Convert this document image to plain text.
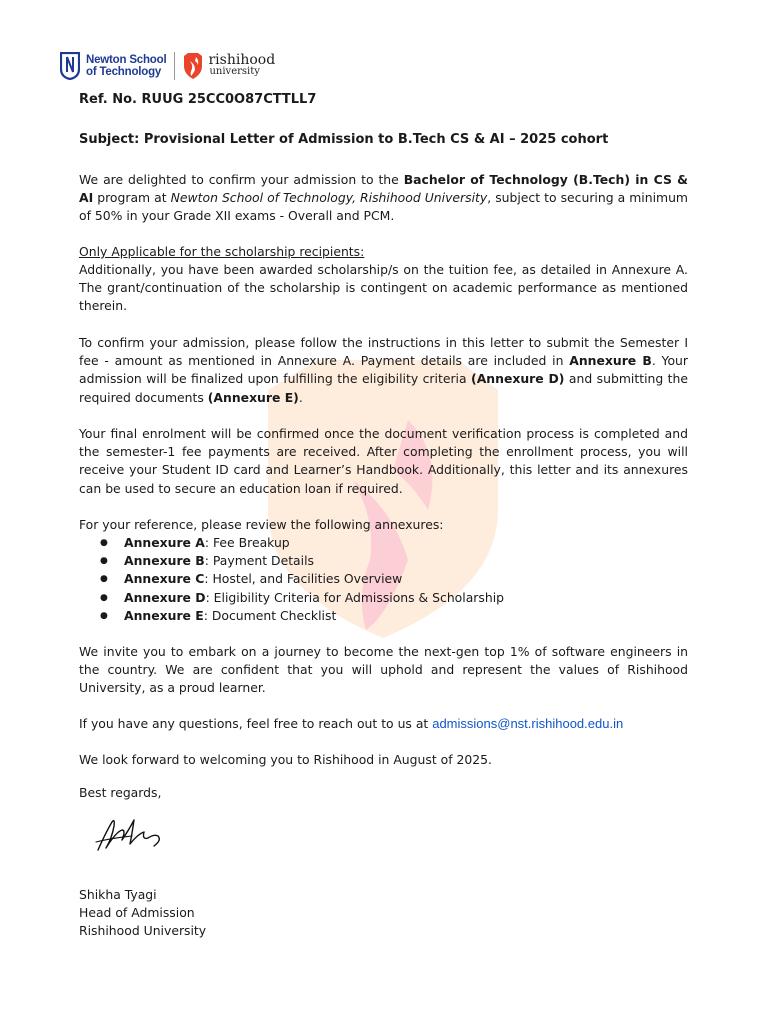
Newton School
of Technology
rishihood
university
Ref. No. RUUG 25CC0O87CTTLL7
Subject: Provisional Letter of Admission to B.Tech CS & AI – 2025 cohort
We are delighted to confirm your admission to the Bachelor of Technology (B.Tech) in CS & AI program at Newton School of Technology, Rishihood University, subject to securing a minimum of 50% in your Grade XII exams - Overall and PCM.
Only Applicable for the scholarship recipients:
Additionally, you have been awarded scholarship/s on the tuition fee, as detailed in Annexure A. The grant/continuation of the scholarship is contingent on academic performance as mentioned therein.
To confirm your admission, please follow the instructions in this letter to submit the Semester I fee - amount as mentioned in Annexure A. Payment details are included in Annexure B. Your admission will be finalized upon fulfilling the eligibility criteria (Annexure D) and submitting the required documents (Annexure E).
Your final enrolment will be confirmed once the document verification process is completed and the semester-1 fee payments are received. After completing the enrollment process, you will receive your Student ID card and Learner’s Handbook. Additionally, this letter and its annexures can be used to secure an education loan if required.
For your reference, please review the following annexures:
● Annexure A: Fee Breakup
● Annexure B: Payment Details
● Annexure C: Hostel, and Facilities Overview
● Annexure D: Eligibility Criteria for Admissions & Scholarship
● Annexure E: Document Checklist
We invite you to embark on a journey to become the next-gen top 1% of software engineers in the country. We are confident that you will uphold and represent the values of Rishihood University, as a proud learner.
If you have any questions, feel free to reach out to us at admissions@nst.rishihood.edu.in
We look forward to welcoming you to Rishihood in August of 2025.
Best regards,
Shikha Tyagi
Head of Admission
Rishihood University
